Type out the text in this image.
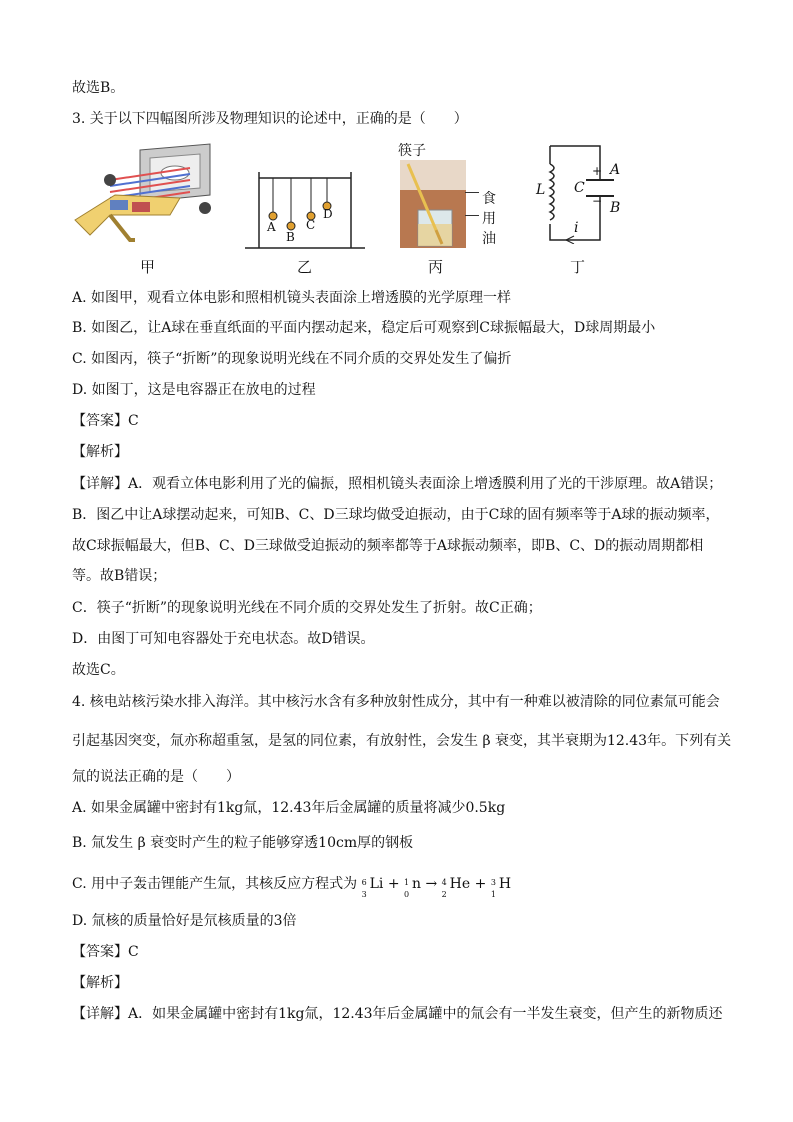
故选B。
3. 关于以下四幅图所涉及物理知识的论述中，正确的是（　　）
甲
A
B
C
D
乙
筷子
食
用
油
丙
L C
+
−
A
B
i
丁
A. 如图甲，观看立体电影和照相机镜头表面涂上增透膜的光学原理一样
B. 如图乙，让A球在垂直纸面的平面内摆动起来，稳定后可观察到C球振幅最大，D球周期最小
C. 如图丙，筷子“折断”的现象说明光线在不同介质的交界处发生了偏折
D. 如图丁，这是电容器正在放电的过程
【答案】C
【解析】
【详解】A．观看立体电影利用了光的偏振，照相机镜头表面涂上增透膜利用了光的干涉原理。故A错误；
B．图乙中让A球摆动起来，可知B、C、D三球均做受迫振动，由于C球的固有频率等于A球的振动频率，
故C球振幅最大，但B、C、D三球做受迫振动的频率都等于A球振动频率，即B、C、D的振动周期都相
等。故B错误；
C．筷子“折断”的现象说明光线在不同介质的交界处发生了折射。故C正确；
D．由图丁可知电容器处于充电状态。故D错误。
故选C。
4. 核电站核污染水排入海洋。其中核污水含有多种放射性成分，其中有一种难以被清除的同位素氚可能会
引起基因突变，氚亦称超重氢，是氢的同位素，有放射性，会发生 β 衰变，其半衰期为12.43年。下列有关
氚的说法正确的是（　　）
A. 如果金属罐中密封有1kg氚，12.43年后金属罐的质量将减少0.5kg
B. 氚发生 β 衰变时产生的粒子能够穿透10cm厚的钢板
C. 用中子轰击锂能产生氚，其核反应方程式为 6
3
Li + 1
0
n → 4
2
He + 3
1
H
D. 氚核的质量恰好是氘核质量的3倍
【答案】C
【解析】
【详解】A．如果金属罐中密封有1kg氚，12.43年后金属罐中的氚会有一半发生衰变，但产生的新物质还
